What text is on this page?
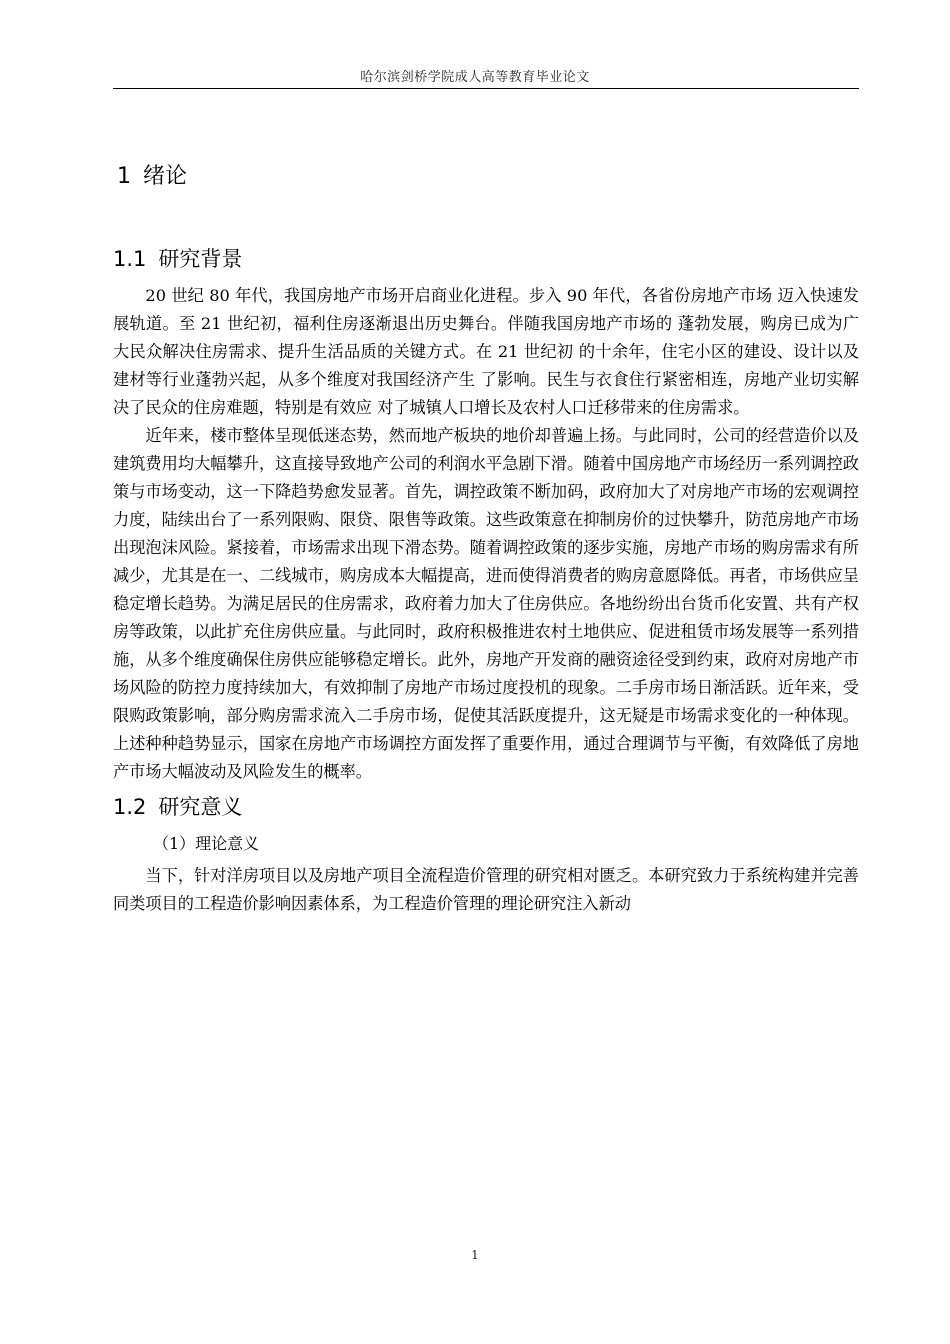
哈尔滨剑桥学院成人高等教育毕业论文
1 绪论
1.1 研究背景

20 世纪 80 年代，我国房地产市场开启商业化进程。步入 90 年代，各省份房地产市场 迈入快速发展轨道。至 21 世纪初，福利住房逐渐退出历史舞台。伴随我国房地产市场的 蓬勃发展，购房已成为广大民众解决住房需求、提升生活品质的关键方式。在 21 世纪初 的十余年，住宅小区的建设、设计以及建材等行业蓬勃兴起，从多个维度对我国经济产生 了影响。民生与衣食住行紧密相连，房地产业切实解决了民众的住房难题，特别是有效应 对了城镇人口增长及农村人口迁移带来的住房需求。

近年来，楼市整体呈现低迷态势，然而地产板块的地价却普遍上扬。与此同时，公司的经营造价以及建筑费用均大幅攀升，这直接导致地产公司的利润水平急剧下滑。随着中国房地产市场经历一系列调控政策与市场变动，这一下降趋势愈发显著。首先，调控政策不断加码，政府加大了对房地产市场的宏观调控力度，陆续出台了一系列限购、限贷、限售等政策。这些政策意在抑制房价的过快攀升，防范房地产市场出现泡沫风险。紧接着，市场需求出现下滑态势。随着调控政策的逐步实施，房地产市场的购房需求有所减少，尤其是在一、二线城市，购房成本大幅提高，进而使得消费者的购房意愿降低。再者，市场供应呈稳定增长趋势。为满足居民的住房需求，政府着力加大了住房供应。各地纷纷出台货币化安置、共有产权房等政策，以此扩充住房供应量。与此同时，政府积极推进农村土地供应、促进租赁市场发展等一系列措施，从多个维度确保住房供应能够稳定增长。此外，房地产开发商的融资途径受到约束，政府对房地产市场风险的防控力度持续加大，有效抑制了房地产市场过度投机的现象。二手房市场日渐活跃。近年来，受限购政策影响，部分购房需求流入二手房市场，促使其活跃度提升，这无疑是市场需求变化的一种体现。上述种种趋势显示，国家在房地产市场调控方面发挥了重要作用，通过合理调节与平衡，有效降低了房地产市场大幅波动及风险发生的概率。

1.2 研究意义
（1）理论意义

当下，针对洋房项目以及房地产项目全流程造价管理的研究相对匮乏。本研究致力于系统构建并完善同类项目的工程造价影响因素体系，为工程造价管理的理论研究注入新动

1
